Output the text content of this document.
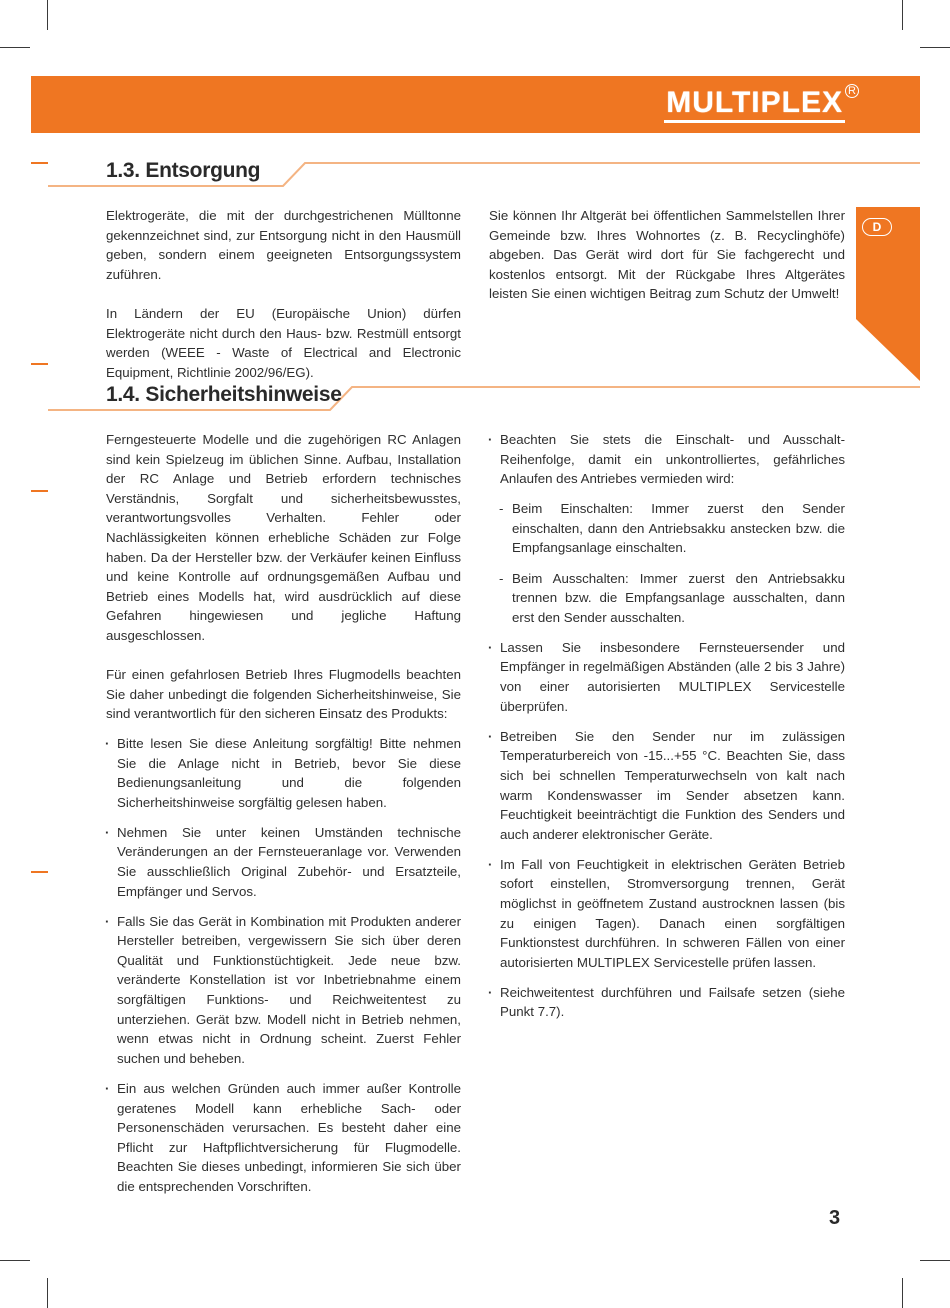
MULTIPLEX R
D
1.3. Entsorgung

Elektrogeräte, die mit der durchgestrichenen Mülltonne gekennzeichnet sind, zur Entsorgung nicht in den Hausmüll geben, sondern einem geeigneten Entsorgungssystem zuführen.

In Ländern der EU (Europäische Union) dürfen Elektrogeräte nicht durch den Haus- bzw. Restmüll entsorgt werden (WEEE - Waste of Electrical and Electronic Equipment, Richtlinie 2002/96/EG).

Sie können Ihr Altgerät bei öffentlichen Sammelstellen Ihrer Gemeinde bzw. Ihres Wohnortes (z. B. Recyclinghöfe) abgeben. Das Gerät wird dort für Sie fachgerecht und kostenlos entsorgt. Mit der Rückgabe Ihres Altgerätes leisten Sie einen wichtigen Beitrag zum Schutz der Umwelt!

1.4. Sicherheitshinweise

Ferngesteuerte Modelle und die zugehörigen RC Anlagen sind kein Spielzeug im üblichen Sinne. Aufbau, Installation der RC Anlage und Betrieb erfordern technisches Verständnis, Sorgfalt und sicherheitsbewusstes, verantwortungsvolles Verhalten. Fehler oder Nachlässigkeiten können erhebliche Schäden zur Folge haben. Da der Hersteller bzw. der Verkäufer keinen Einfluss und keine Kontrolle auf ordnungsgemäßen Aufbau und Betrieb eines Modells hat, wird ausdrücklich auf diese Gefahren hingewiesen und jegliche Haftung ausgeschlossen.

Für einen gefahrlosen Betrieb Ihres Flugmodells beachten Sie daher unbedingt die folgenden Sicherheitshinweise, Sie sind verantwortlich für den sicheren Einsatz des Produkts:

· Bitte lesen Sie diese Anleitung sorgfältig! Bitte nehmen Sie die Anlage nicht in Betrieb, bevor Sie diese Bedienungsanleitung und die folgenden Sicherheitshinweise sorgfältig gelesen haben.
· Nehmen Sie unter keinen Umständen technische Veränderungen an der Fernsteueranlage vor. Verwenden Sie ausschließlich Original Zubehör- und Ersatzteile, Empfänger und Servos.
· Falls Sie das Gerät in Kombination mit Produkten anderer Hersteller betreiben, vergewissern Sie sich über deren Qualität und Funktionstüchtigkeit. Jede neue bzw. veränderte Konstellation ist vor Inbetriebnahme einem sorgfältigen Funktions- und Reichweitentest zu unterziehen. Gerät bzw. Modell nicht in Betrieb nehmen, wenn etwas nicht in Ordnung scheint. Zuerst Fehler suchen und beheben.
· Ein aus welchen Gründen auch immer außer Kontrolle geratenes Modell kann erhebliche Sach- oder Personenschäden verursachen. Es besteht daher eine Pflicht zur Haftpflichtversicherung für Flugmodelle. Beachten Sie dieses unbedingt, informieren Sie sich über die entsprechenden Vorschriften.
· Beachten Sie stets die Einschalt- und Ausschalt-Reihenfolge, damit ein unkontrolliertes, gefährliches Anlaufen des Antriebes vermieden wird:
- Beim Einschalten: Immer zuerst den Sender einschalten, dann den Antriebsakku anstecken bzw. die Empfangsanlage einschalten.
- Beim Ausschalten: Immer zuerst den Antriebsakku trennen bzw. die Empfangsanlage ausschalten, dann erst den Sender ausschalten.
· Lassen Sie insbesondere Fernsteuersender und Empfänger in regelmäßigen Abständen (alle 2 bis 3 Jahre) von einer autorisierten MULTIPLEX Servicestelle überprüfen.
· Betreiben Sie den Sender nur im zulässigen Temperaturbereich von -15...+55 °C. Beachten Sie, dass sich bei schnellen Temperaturwechseln von kalt nach warm Kondenswasser im Sender absetzen kann. Feuchtigkeit beeinträchtigt die Funktion des Senders und auch anderer elektronischer Geräte.
· Im Fall von Feuchtigkeit in elektrischen Geräten Betrieb sofort einstellen, Stromversorgung trennen, Gerät möglichst in geöffnetem Zustand austrocknen lassen (bis zu einigen Tagen). Danach einen sorgfältigen Funktionstest durchführen. In schweren Fällen von einer autorisierten MULTIPLEX Servicestelle prüfen lassen.
· Reichweitentest durchführen und Failsafe setzen (siehe Punkt 7.7).
3
